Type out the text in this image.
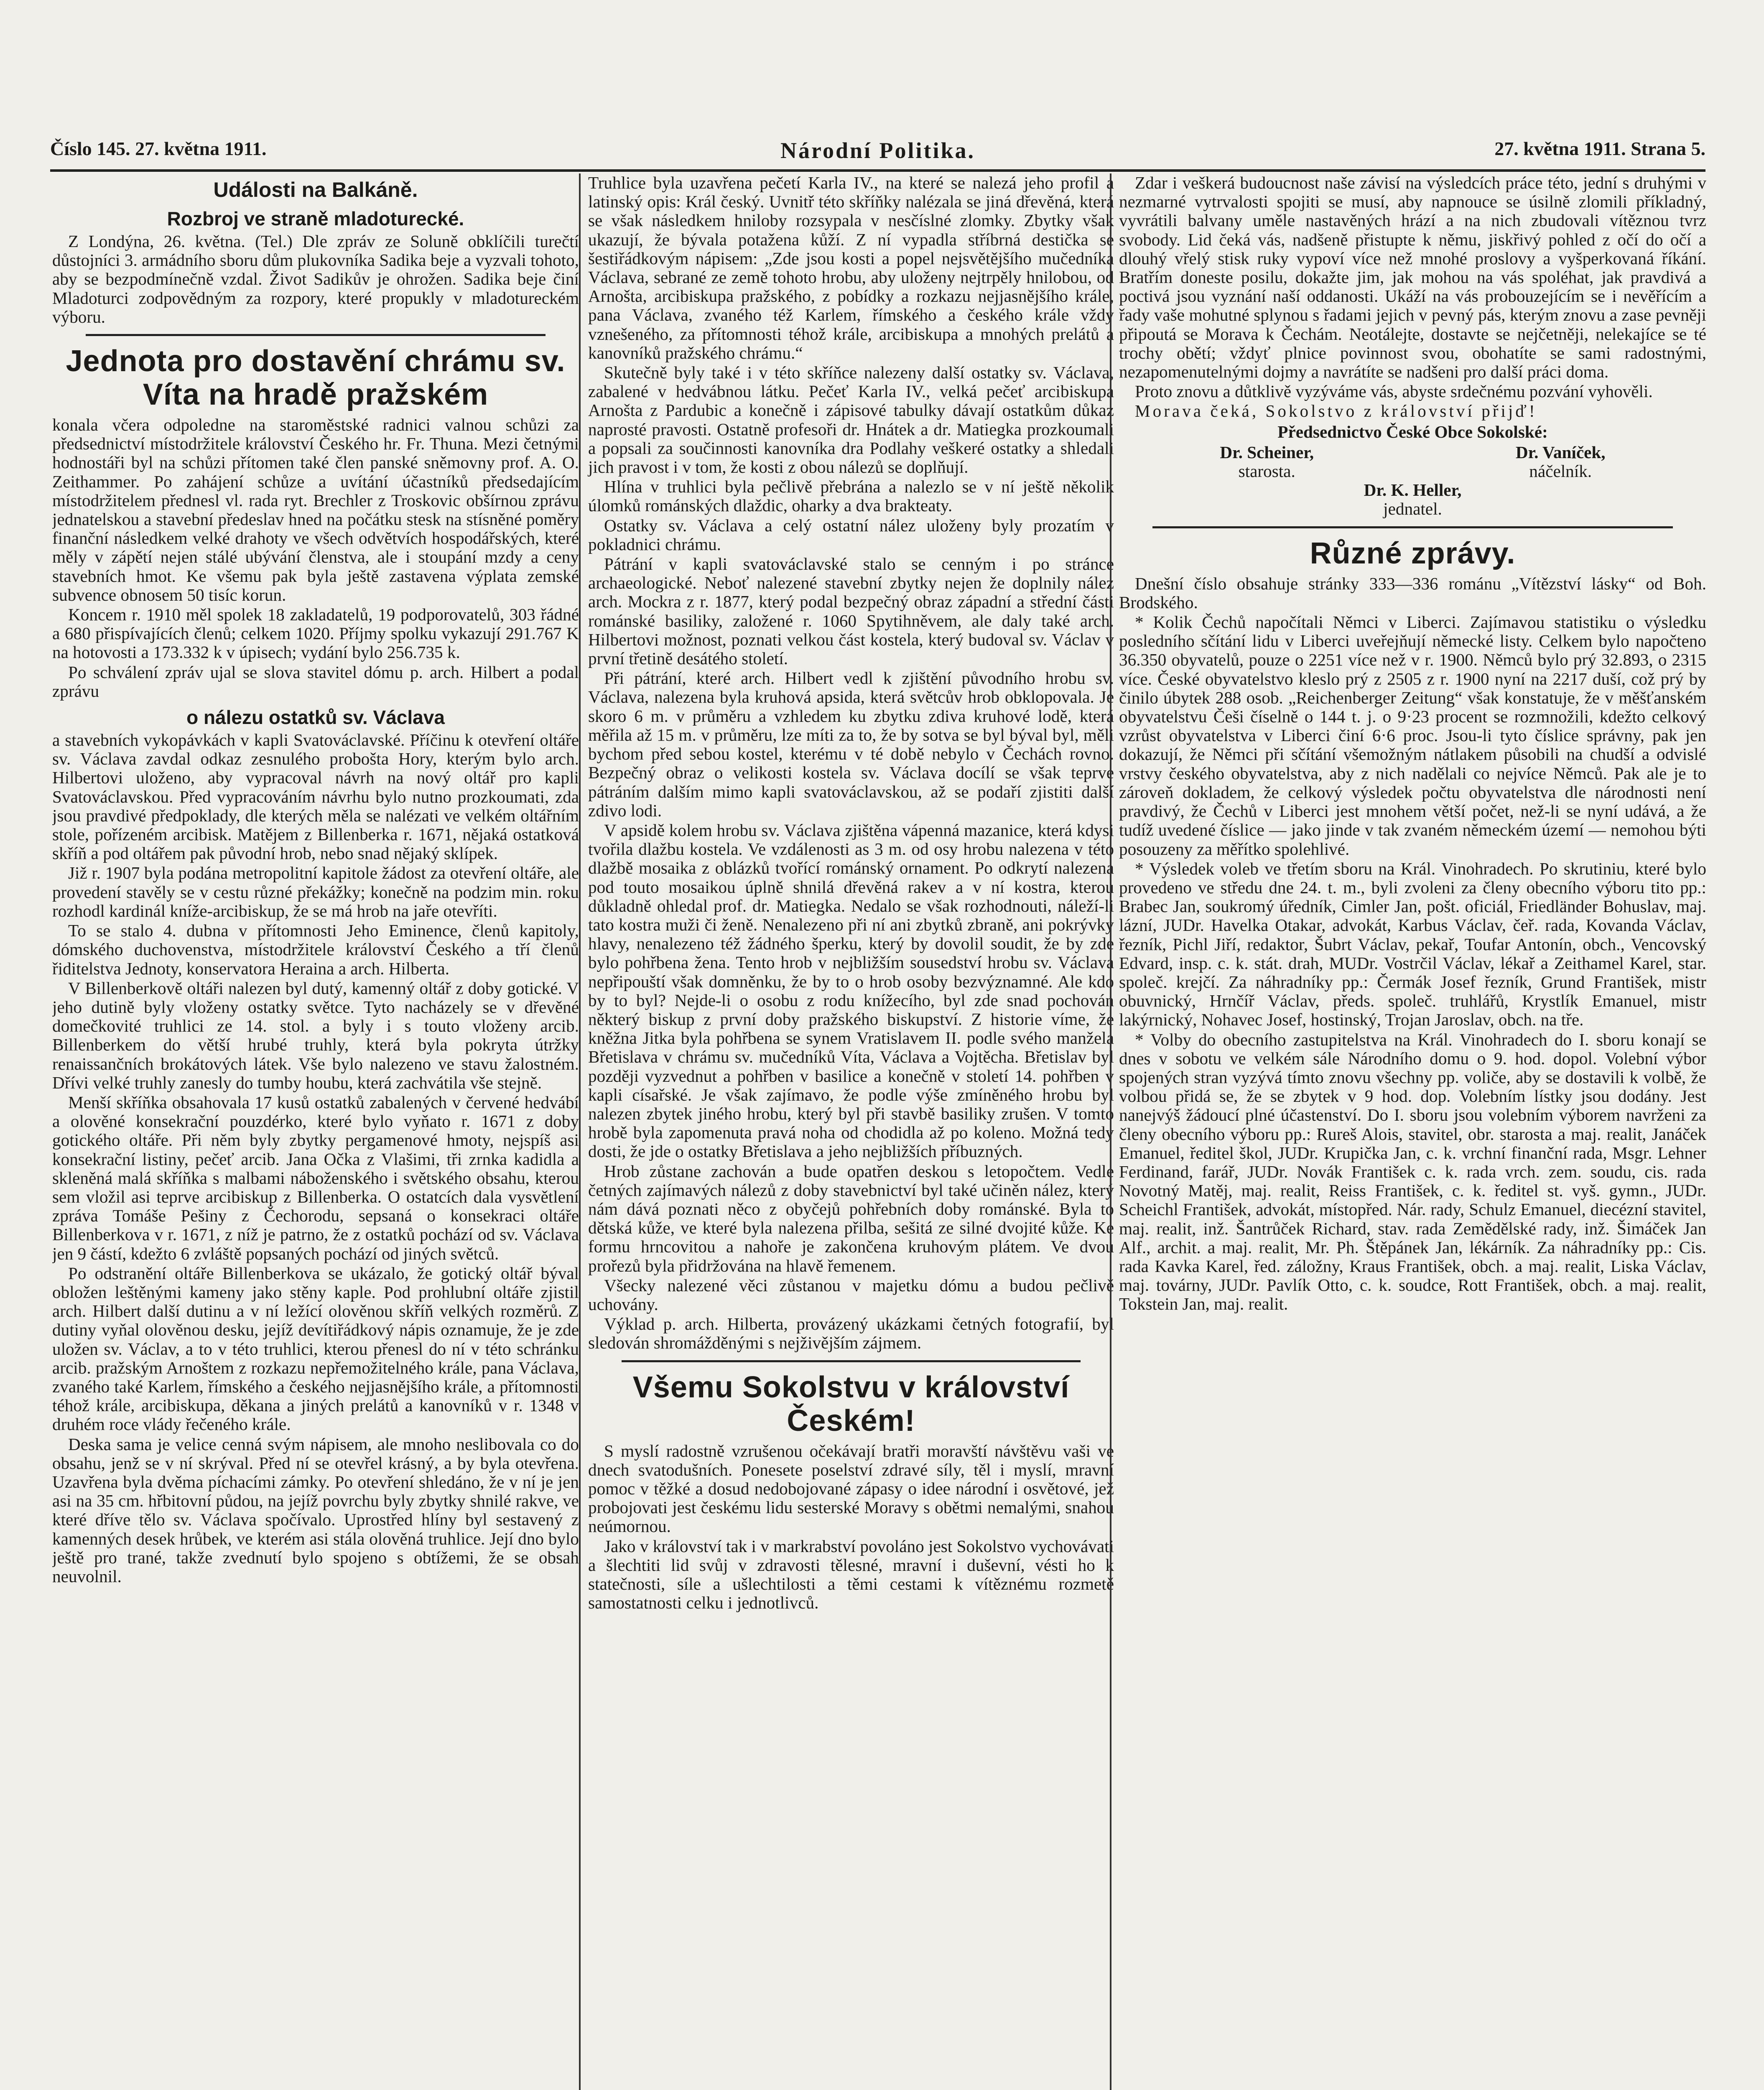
Číslo 145. 27. května 1911.	Národní Politika.	27. května 1911. Strana 5.
Události na Balkáně.
Rozbroj ve straně mladoturecké.

Z Londýna, 26. května. (Tel.) Dle zpráv ze Soluně obklíčili turečtí důstojníci 3. armádního sboru dům plukovníka Sadika beje a vyzvali tohoto, aby se bezpodmínečně vzdal. Život Sadikův je ohrožen. Sadika beje činí Mladoturci zodpovědným za rozpory, které propukly v mladotureckém výboru.

Jednota pro dostavění chrámu sv. Víta na hradě pražském

konala včera odpoledne na staroměstské radnici valnou schůzi za předsednictví místodržitele království Českého hr. Fr. Thuna. Mezi četnými hodnostáři byl na schůzi přítomen také člen panské sněmovny prof. A. O. Zeithammer. Po zahájení schůze a uvítání účastníků předsedajícím místodržitelem přednesl vl. rada ryt. Brechler z Troskovic obšírnou zprávu jednatelskou a stavební předeslav hned na počátku stesk na stísněné poměry finanční následkem velké drahoty ve všech odvětvích hospodářských, které měly v zápětí nejen stálé ubývání členstva, ale i stoupání mzdy a ceny stavebních hmot. Ke všemu pak byla ještě zastavena výplata zemské subvence obnosem 50 tisíc korun.

Koncem r. 1910 měl spolek 18 zakladatelů, 19 podporovatelů, 303 řádné a 680 přispívajících členů; celkem 1020. Příjmy spolku vykazují 291.767 K na hotovosti a 173.332 k v úpisech; vydání bylo 256.735 k.

Po schválení zpráv ujal se slova stavitel dómu p. arch. Hilbert a podal zprávu

o nálezu ostatků sv. Václava

a stavebních vykopávkách v kapli Svatováclavské. Příčinu k otevření oltáře sv. Václava zavdal odkaz zesnulého proboštа Hory, kterým bylo arch. Hilbertovi uloženo, aby vypracoval návrh na nový oltář pro kapli Svatováclavskou. Před vypracováním návrhu bylo nutno prozkoumati, zda jsou pravdivé předpoklady, dle kterých měla se nalézati ve velkém oltářním stole, pořízeném arcibisk. Matějem z Billenberka r. 1671, nějaká ostatková skříň a pod oltářem pak původní hrob, nebo snad nějaký sklípek.

Již r. 1907 byla podána metropolitní kapitole žádost za otevření oltáře, ale provedení stavěly se v cestu různé překážky; konečně na podzim min. roku rozhodl kardinál kníže-arcibiskup, že se má hrob na jaře otevříti.

To se stalo 4. dubna v přítomnosti Jeho Eminence, členů kapitoly, dómského duchovenstva, místodržitele království Českého a tří členů řiditelstva Jednoty, konservatora Heraina a arch. Hilberta.

V Billenberkově oltáři nalezen byl dutý, kamenný oltář z doby gotické. V jeho dutině byly vloženy ostatky světce. Tyto nacházely se v dřevěné domečkovité truhlici ze 14. stol. a byly i s touto vloženy arcib. Billenberkem do větší hrubé truhly, která byla pokryta útržky renaissančních brokátových látek. Vše bylo nalezeno ve stavu žalostném. Dřívi velké truhly zanesly do tumby houbu, která zachvátila vše stejně.

Menší skříňka obsahovala 17 kusů ostatků zabalených v červené hedvábí a olověné konsekrační pouzdérko, které bylo vyňato r. 1671 z doby gotického oltáře. Při něm byly zbytky pergamenové hmoty, nejspíš asi konsekrační listiny, pečeť arcib. Jana Očka z Vlašimi, tři zrnka kadidla a skleněná malá skříňka s malbami náboženského i světského obsahu, kterou sem vložil asi teprve arcibiskup z Billenberka. O ostatcích dala vysvětlení zpráva Tomáše Pešiny z Čechorodu, sepsaná o konsekraci oltáře Billenberkova v r. 1671, z níž je patrno, že z ostatků pochází od sv. Václava jen 9 částí, kdežto 6 zvláště popsaných pochází od jiných světců.

Po odstranění oltáře Billenberkova se ukázalo, že gotický oltář býval obložen leštěnými kameny jako stěny kaple. Pod prohlubní oltáře zjistil arch. Hilbert další dutinu a v ní ležící olověnou skříň velkých rozměrů. Z dutiny vyňal olověnou desku, jejíž devítiřádkový nápis oznamuje, že je zde uložen sv. Václav, a to v této truhlici, kterou přenesl do ní v této schránku arcib. pražským Arnoštem z rozkazu nepřemožitelného krále, pana Václava, zvaného také Karlem, římského a českého nejjasnějšího krále, a přítomnosti téhož krále, arcibiskupa, děkana a jiných prelátů a kanovníků v r. 1348 v druhém roce vlády řečeného krále.

Deska sama je velice cenná svým nápisem, ale mnoho neslibovala co do obsahu, jenž se v ní skrýval. Před ní se otevřel krásný, a by byla otevřena. Uzavřena byla dvěma píchacími zámky. Po otevření shledáno, že v ní je jen asi na 35 cm. hřbitovní půdou, na jejíž povrchu byly zbytky shnilé rakve, ve které dříve tělo sv. Václava spočívalo. Uprostřed hlíny byl sestavený z kamenných desek hrůbek, ve kterém asi stála olověná truhlice. Její dno bylo ještě pro trané, takže zvednutí bylo spojeno s obtížemi, že se obsah neuvolnil.

Truhlice byla uzavřena pečetí Karla IV., na které se nalezá jeho profil a latinský opis: Král český. Uvnitř této skříňky nalézala se jiná dřevěná, která se však následkem hniloby rozsypala v nesčíslné zlomky. Zbytky však ukazují, že bývala potažena kůží. Z ní vypadla stříbrná destička se šestiřádkovým nápisem: „Zde jsou kosti a popel nejsvětějšího mučedníka Václava, sebrané ze země tohoto hrobu, aby uloženy nejtrpěly hnilobou, od Arnošta, arcibiskupa pražského, z pobídky a rozkazu nejjasnějšího krále, pana Václava, zvaného též Karlem, římského a českého krále vždy vznešeného, za přítomnosti téhož krále, arcibiskupa a mnohých prelátů a kanovníků pražského chrámu.“

Skutečně byly také i v této skříňce nalezeny další ostatky sv. Václava, zabalené v hedvábnou látku. Pečeť Karla IV., velká pečeť arcibiskupa Arnošta z Pardubic a konečně i zápisové tabulky dávají ostatkům důkaz naprosté pravosti. Ostatně profesoři dr. Hnátek a dr. Matiegka prozkoumali a popsali za součinnosti kanovníka dra Podlahy veškeré ostatky a shledali jich pravost i v tom, že kosti z obou nálezů se doplňují.

Hlína v truhlici byla pečlivě přebrána a nalezlo se v ní ještě několik úlomků románských dlaždic, oharky a dva brakteaty.

Ostatky sv. Václava a celý ostatní nález uloženy byly prozatím v pokladnici chrámu.

Pátrání v kapli svatováclavské stalo se cenným i po stránce archaeologické. Neboť nalezené stavební zbytky nejen že doplnily nález arch. Mockra z r. 1877, který podal bezpečný obraz západní a střední části románské basiliky, založené r. 1060 Spytihněvem, ale daly také arch. Hilbertovi možnost, poznati velkou část kostela, který budoval sv. Václav v první třetině desátého století.

Při pátrání, které arch. Hilbert vedl k zjištění původního hrobu sv. Václava, nalezena byla kruhová apsida, která světcův hrob obklopovala. Je skoro 6 m. v průměru a vzhledem ku zbytku zdiva kruhové lodě, která měřila až 15 m. v průměru, lze míti za to, že by sotva se byl býval byl, měli bychom před sebou kostel, kterému v té době nebylo v Čechách rovno. Bezpečný obraz o velikosti kostela sv. Václava docílí se však teprve pátráním dalším mimo kapli svatováclavskou, až se podaří zjistiti další zdivo lodi.

V apsidě kolem hrobu sv. Václava zjištěna vápenná mazanice, která kdysi tvořila dlažbu kostela. Ve vzdálenosti as 3 m. od osy hrobu nalezena v této dlažbě mosaika z oblázků tvořící románský ornament. Po odkrytí nalezena pod touto mosaikou úplně shnilá dřevěná rakev a v ní kostra, kterou důkladně ohledal prof. dr. Matiegka. Nedalo se však rozhodnouti, náleží-li tato kostra muži či ženě. Nenalezeno při ní ani zbytků zbraně, ani pokrývky hlavy, nenalezeno též žádného šperku, který by dovolil soudit, že by zde bylo pohřbena žena. Tento hrob v nejbližším sousedství hrobu sv. Václava nepřipouští však domněnku, že by to o hrob osoby bezvýznamné. Ale kdo by to byl? Nejde-li o osobu z rodu knížecího, byl zde snad pochován některý biskup z první doby pražského biskupství. Z historie víme, že kněžna Jitka byla pohřbena se synem Vratislavem II. podle svého manžela Břetislava v chrámu sv. mučedníků Víta, Václava a Vojtěcha. Břetislav byl později vyzvednut a pohřben v basilice a konečně v století 14. pohřben v kapli císařské. Je však zajímavo, že podle výše zmíněného hrobu byl nalezen zbytek jiného hrobu, který byl při stavbě basiliky zrušen. V tomto hrobě byla zapomenuta pravá noha od chodidla až po koleno. Možná tedy dosti, že jde o ostatky Břetislava a jeho nejbližších příbuzných.

Hrob zůstane zachován a bude opatřen deskou s letopočtem. Vedle četných zajímavých nálezů z doby stavebnictví byl také učiněn nález, který nám dává poznati něco z obyčejů pohřebních doby románské. Byla to dětská kůže, ve které byla nalezena přilba, sešitá ze silné dvojité kůže. Ke formu hrncovitou a nahoře je zakončena kruhovým plátem. Ve dvou prořezů byla přidržována na hlavě řemenem.

Všecky nalezené věci zůstanou v majetku dómu a budou pečlivě uchovány.

Výklad p. arch. Hilberta, provázený ukázkami četných fotografií, byl sledován shromážděnými s nejživějším zájmem.

Všemu Sokolstvu v království Českém!

S myslí radostně vzrušenou očekávají bratři moravští návštěvu vaši ve dnech svatodušních. Ponesete poselství zdravé síly, těl i myslí, mravní pomoc v těžké a dosud nedobojované zápasy o idee národní i osvětové, jež probojovati jest českému lidu sesterské Moravy s obětmi nemalými, snahou neúmornou.

Jako v království tak i v markrabství povoláno jest Sokolstvo vychovávati a šlechtiti lid svůj v zdravosti tělesné, mravní i duševní, vésti ho k statečnosti, síle a ušlechtilosti a těmi cestami k vítěznému rozmetě samostatnosti celku i jednotlivců.

Zdar i veškerá budoucnost naše závisí na výsledcích práce této, jední s druhými v nezmarné vytrvalosti spojiti se musí, aby napnouce se úsilně zlomili příkladný, vyvrátili balvany uměle nastavěných hrází a na nich zbudovali vítěznou tvrz svobody. Lid čeká vás, nadšeně přistupte k němu, jiskřivý pohled z očí do očí a dlouhý vřelý stisk ruky vypoví více než mnohé proslovy a vyšperkovaná říkání. Bratřím doneste posilu, dokažte jim, jak mohou na vás spoléhat, jak pravdivá a poctivá jsou vyznání naší oddanosti. Ukáží na vás probouzejícím se i nevěřícím a řady vaše mohutné splynou s řadami jejich v pevný pás, kterým znovu a zase pevněji připoutá se Morava k Čechám. Neotálejte, dostavte se nejčetněji, nelekajíce se té trochy obětí; vždyť plnice povinnost svou, obohatíte se sami radostnými, nezapomenutelnými dojmy a navrátíte se nadšeni pro další práci doma.

Proto znovu a důtklivě vyzýváme vás, abyste srdečnému pozvání vyhověli.

Morava čeká, Sokolstvo z království přijď!

Předsednictvo České Obce Sokolské:
Dr. Scheiner,
starosta.
Dr. Vaníček,
náčelník.
Dr. K. Heller,
jednatel.
Různé zprávy.

Dnešní číslo obsahuje stránky 333—336 románu „Vítězství lásky“ od Boh. Brodského.

* Kolik Čechů napočítali Němci v Liberci. Zajímavou statistiku o výsledku posledního sčítání lidu v Liberci uveřejňují německé listy. Celkem bylo napočteno 36.350 obyvatelů, pouze o 2251 více než v r. 1900. Němců bylo prý 32.893, o 2315 více. České obyvatelstvo kleslo prý z 2505 z r. 1900 nyní na 2217 duší, což prý by činilo úbytek 288 osob. „Reichenberger Zeitung“ však konstatuje, že v měšťanském obyvatelstvu Češi číselně o 144 t. j. o 9·23 procent se rozmnožili, kdežto celkový vzrůst obyvatelstva v Liberci činí 6·6 proc. Jsou-li tyto číslice správny, pak jen dokazují, že Němci při sčítání všemožným nátlakem působili na chudší a odvislé vrstvy českého obyvatelstva, aby z nich nadělali co nejvíce Němců. Pak ale je to zároveň dokladem, že celkový výsledek počtu obyvatelstva dle národnosti není pravdivý, že Čechů v Liberci jest mnohem větší počet, než-li se nyní udává, a že tudíž uvedené číslice — jako jinde v tak zvaném německém území — nemohou býti posouzeny za měřítko spolehlivé.

* Výsledek voleb ve třetím sboru na Král. Vinohradech. Po skrutiniu, které bylo provedeno ve středu dne 24. t. m., byli zvoleni za členy obecního výboru tito pp.: Brabec Jan, soukromý úředník, Cimler Jan, pošt. oficiál, Friedländer Bohuslav, maj. lázní, JUDr. Havelka Otakar, advokát, Karbus Václav, čeř. rada, Kovanda Václav, řezník, Pichl Jiří, redaktor, Šubrt Václav, pekař, Toufar Antonín, obch., Vencovský Edvard, insp. c. k. stát. drah, MUDr. Vostrčil Václav, lékař a Zeithamel Karel, star. společ. krejčí. Za náhradníky pp.: Čermák Josef řezník, Grund František, mistr obuvnický, Hrnčíř Václav, předs. společ. truhlářů, Krystlík Emanuel, mistr lakýrnický, Nohavec Josef, hostinský, Trojan Jaroslav, obch. na tře.

* Volby do obecního zastupitelstva na Král. Vinohradech do I. sboru konají se dnes v sobotu ve velkém sále Národního domu o 9. hod. dopol. Volební výbor spojených stran vyzývá tímto znovu všechny pp. voliče, aby se dostavili k volbě, že volbou přidá se, že se zbytek v 9 hod. dop. Volebním lístky jsou dodány. Jest nanejvýš žádoucí plné účastenství. Do I. sboru jsou volebním výborem navrženi za členy obecního výboru pp.: Rureš Alois, stavitel, obr. starosta a maj. realit, Janáček Emanuel, ředitel škol, JUDr. Krupička Jan, c. k. vrchní finanční rada, Msgr. Lehner Ferdinand, farář, JUDr. Novák František c. k. rada vrch. zem. soudu, cis. rada Novotný Matěj, maj. realit, Reiss František, c. k. ředitel st. vyš. gymn., JUDr. Scheichl František, advokát, místopřed. Nár. rady, Schulz Emanuel, diecézní stavitel, maj. realit, inž. Šantrůček Richard, stav. rada Zemědělské rady, inž. Šimáček Jan Alf., archit. a maj. realit, Mr. Ph. Štěpánek Jan, lékárník. Za náhradníky pp.: Cis. rada Kavka Karel, řed. záložny, Kraus František, obch. a maj. realit, Liska Václav, maj. továrny, JUDr. Pavlík Otto, c. k. soudce, Rott František, obch. a maj. realit, Tokstein Jan, maj. realit.
